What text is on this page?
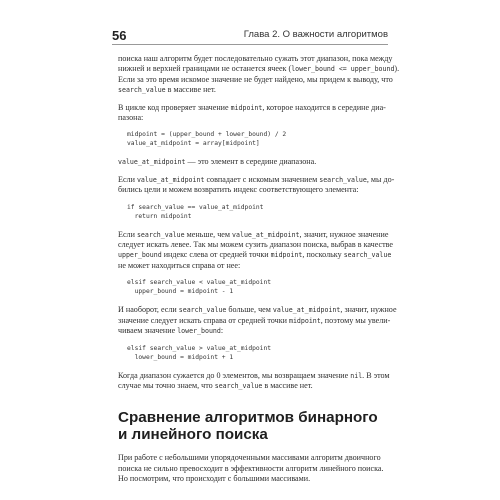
56	Глава 2. О важности алгоритмов

поиска наш алгоритм будет последовательно сужать этот диапазон, пока между
нижней и верхней границами не останется ячеек (lower_bound <= upper_bound).
Если за это время искомое значение не будет найдено, мы придем к выводу, что
search_value в массиве нет.

В цикле код проверяет значение midpoint, которое находится в середине диа-
пазона:

midpoint = (upper_bound + lower_bound) / 2
value_at_midpoint = array[midpoint]

value_at_midpoint — это элемент в середине диапазона.

Если value_at_midpoint совпадает с искомым значением search_value, мы до-
бились цели и можем возвратить индекс соответствующего элемента:

if search_value == value_at_midpoint
return midpoint

Если search_value меньше, чем value_at_midpoint, значит, нужное значение
следует искать левее. Так мы можем сузить диапазон поиска, выбрав в качестве
upper_bound индекс слева от средней точки midpoint, поскольку search_value
не может находиться справа от нее:

elsif search_value < value_at_midpoint
upper_bound = midpoint - 1

И наоборот, если search_value больше, чем value_at_midpoint, значит, нужное
значение следует искать справа от средней точки midpoint, поэтому мы увели-
чиваем значение lower_bound:

elsif search_value > value_at_midpoint
lower_bound = midpoint + 1

Когда диапазон сужается до 0 элементов, мы возвращаем значение nil. В этом
случае мы точно знаем, что search_value в массиве нет.

Сравнение алгоритмов бинарного
и линейного поиска

При работе с небольшими упорядоченными массивами алгоритм двоичного
поиска не сильно превосходит в эффективности алгоритм линейного поиска.
Но посмотрим, что происходит с большими массивами.
